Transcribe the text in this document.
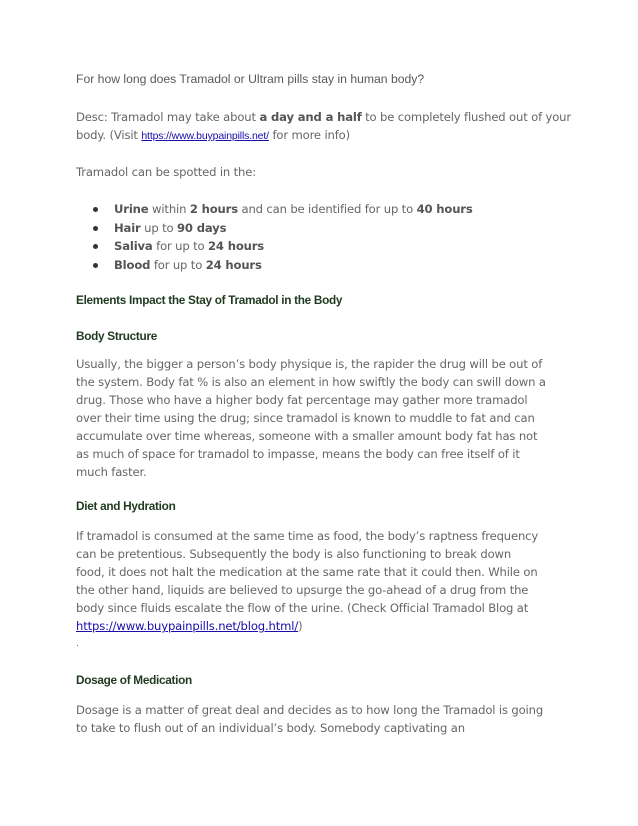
For how long does Tramadol or Ultram pills stay in human body?
Desc: Tramadol may take about a day and a half to be completely flushed out of your body. (Visit https://www.buypainpills.net/ for more info)
Tramadol can be spotted in the:
Urine within 2 hours and can be identified for up to 40 hours
Hair up to 90 days
Saliva for up to 24 hours
Blood for up to 24 hours
Elements Impact the Stay of Tramadol in the Body
Body Structure
Usually, the bigger a person’s body physique is, the rapider the drug will be out of
the system. Body fat % is also an element in how swiftly the body can swill down a
drug. Those who have a higher body fat percentage may gather more tramadol
over their time using the drug; since tramadol is known to muddle to fat and can
accumulate over time whereas, someone with a smaller amount body fat has not
as much of space for tramadol to impasse, means the body can free itself of it
much faster.
Diet and Hydration
If tramadol is consumed at the same time as food, the body’s raptness frequency
can be pretentious. Subsequently the body is also functioning to break down
food, it does not halt the medication at the same rate that it could then. While on
the other hand, liquids are believed to upsurge the go-ahead of a drug from the
body since fluids escalate the flow of the urine. (Check Official Tramadol Blog at
https://www.buypainpills.net/blog.html/)
.
Dosage of Medication
Dosage is a matter of great deal and decides as to how long the Tramadol is going
to take to flush out of an individual’s body. Somebody captivating an
